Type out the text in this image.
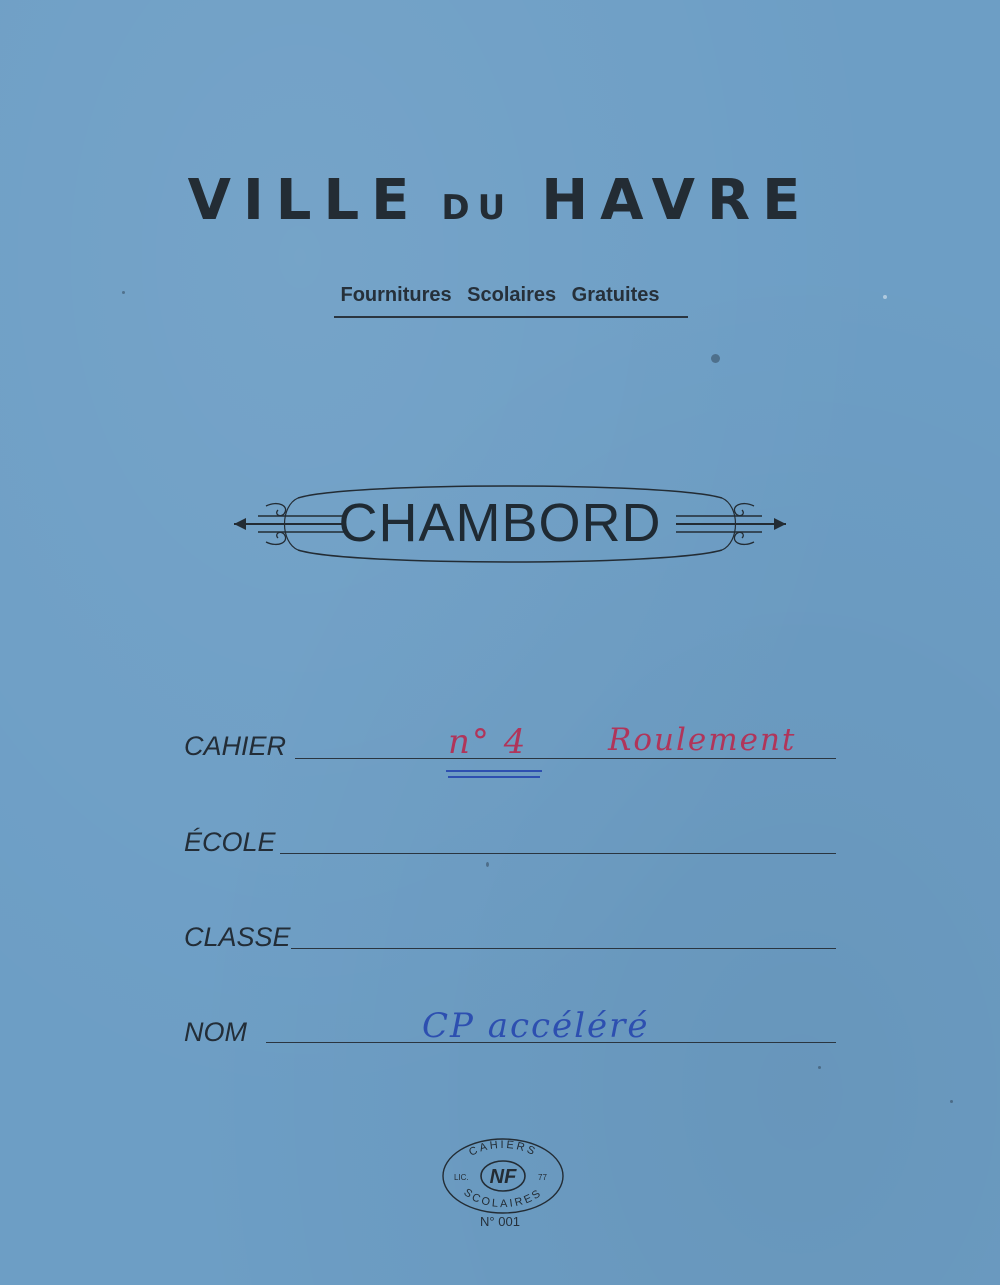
VILLE DU HAVRE
Fournitures Scolaires Gratuites
CHAMBORD
CAHIER	n° 4	Roulement
ÉCOLE
CLASSE
NOM	CP accéléré
CAHIERS
SCOLAIRES
LIC.	77
NF
N° 001
